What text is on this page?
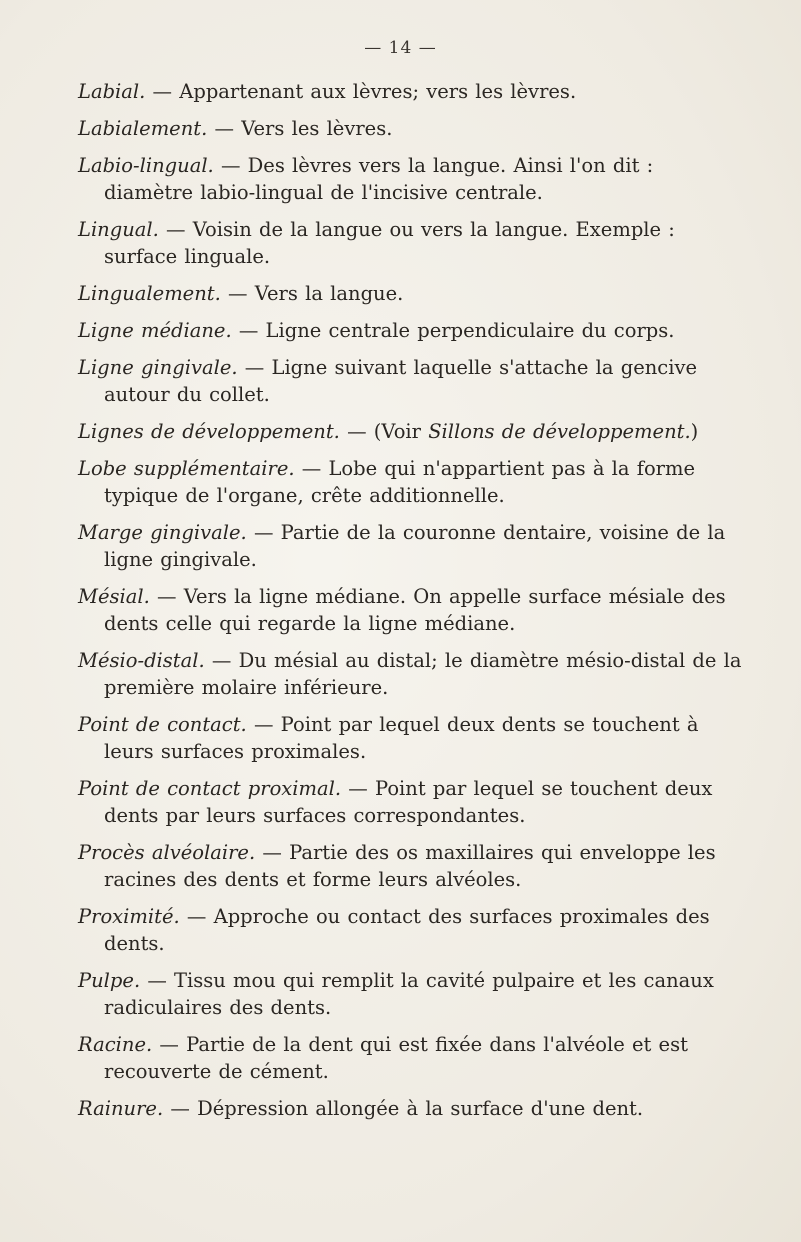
— 14 —

Labial. — Appartenant aux lèvres; vers les lèvres.

Labialement. — Vers les lèvres.

Labio-lingual. — Des lèvres vers la langue. Ainsi l'on dit : diamètre labio-lingual de l'incisive centrale.

Lingual. — Voisin de la langue ou vers la langue. Exemple : surface linguale.

Lingualement. — Vers la langue.

Ligne médiane. — Ligne centrale perpendiculaire du corps.

Ligne gingivale. — Ligne suivant laquelle s'attache la gencive autour du collet.

Lignes de développement. — (Voir Sillons de développement.)

Lobe supplémentaire. — Lobe qui n'appartient pas à la forme typique de l'organe, crête additionnelle.

Marge gingivale. — Partie de la couronne dentaire, voisine de la ligne gingivale.

Mésial. — Vers la ligne médiane. On appelle surface mésiale des dents celle qui regarde la ligne médiane.

Mésio-distal. — Du mésial au distal; le diamètre mésio-distal de la première molaire inférieure.

Point de contact. — Point par lequel deux dents se touchent à leurs surfaces proximales.

Point de contact proximal. — Point par lequel se touchent deux dents par leurs surfaces correspondantes.

Procès alvéolaire. — Partie des os maxillaires qui enveloppe les racines des dents et forme leurs alvéoles.

Proximité. — Approche ou contact des surfaces proximales des dents.

Pulpe. — Tissu mou qui remplit la cavité pulpaire et les canaux radiculaires des dents.

Racine. — Partie de la dent qui est fixée dans l'alvéole et est recouverte de cément.

Rainure. — Dépression allongée à la surface d'une dent.
